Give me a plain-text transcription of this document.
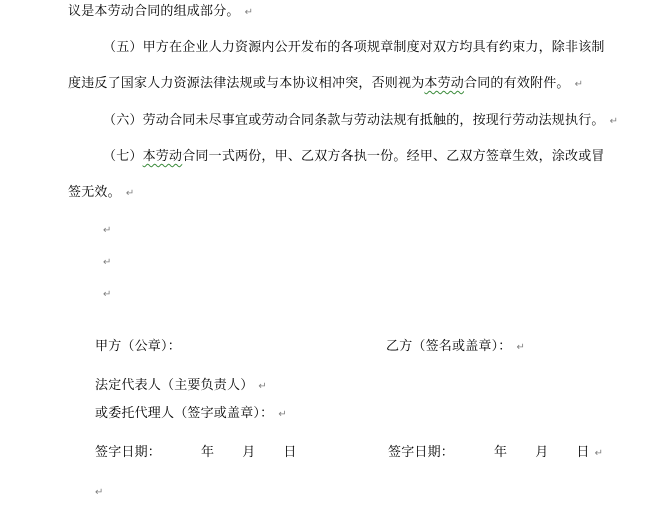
议是本劳动合同的组成部分。 ↵
（五）甲方在企业人力资源内公开发布的各项规章制度对双方均具有约束力，除非该制
度违反了国家人力资源法律法规或与本协议相冲突，否则视为本劳动合同的有效附件。 ↵
（六）劳动合同未尽事宜或劳动合同条款与劳动法规有抵触的，按现行劳动法规执行。 ↵
（七）本劳动合同一式两份，甲、乙双方各执一份。经甲、乙双方签章生效，涂改或冒
签无效。 ↵
↵
↵
↵
甲方（公章）：	乙方（签名或盖章）： ↵
法定代表人（主要负责人） ↵
或委托代理人（签字或盖章）： ↵
签字日期：	年 月 日	签字日期：	年 月 日 ↵
↵
